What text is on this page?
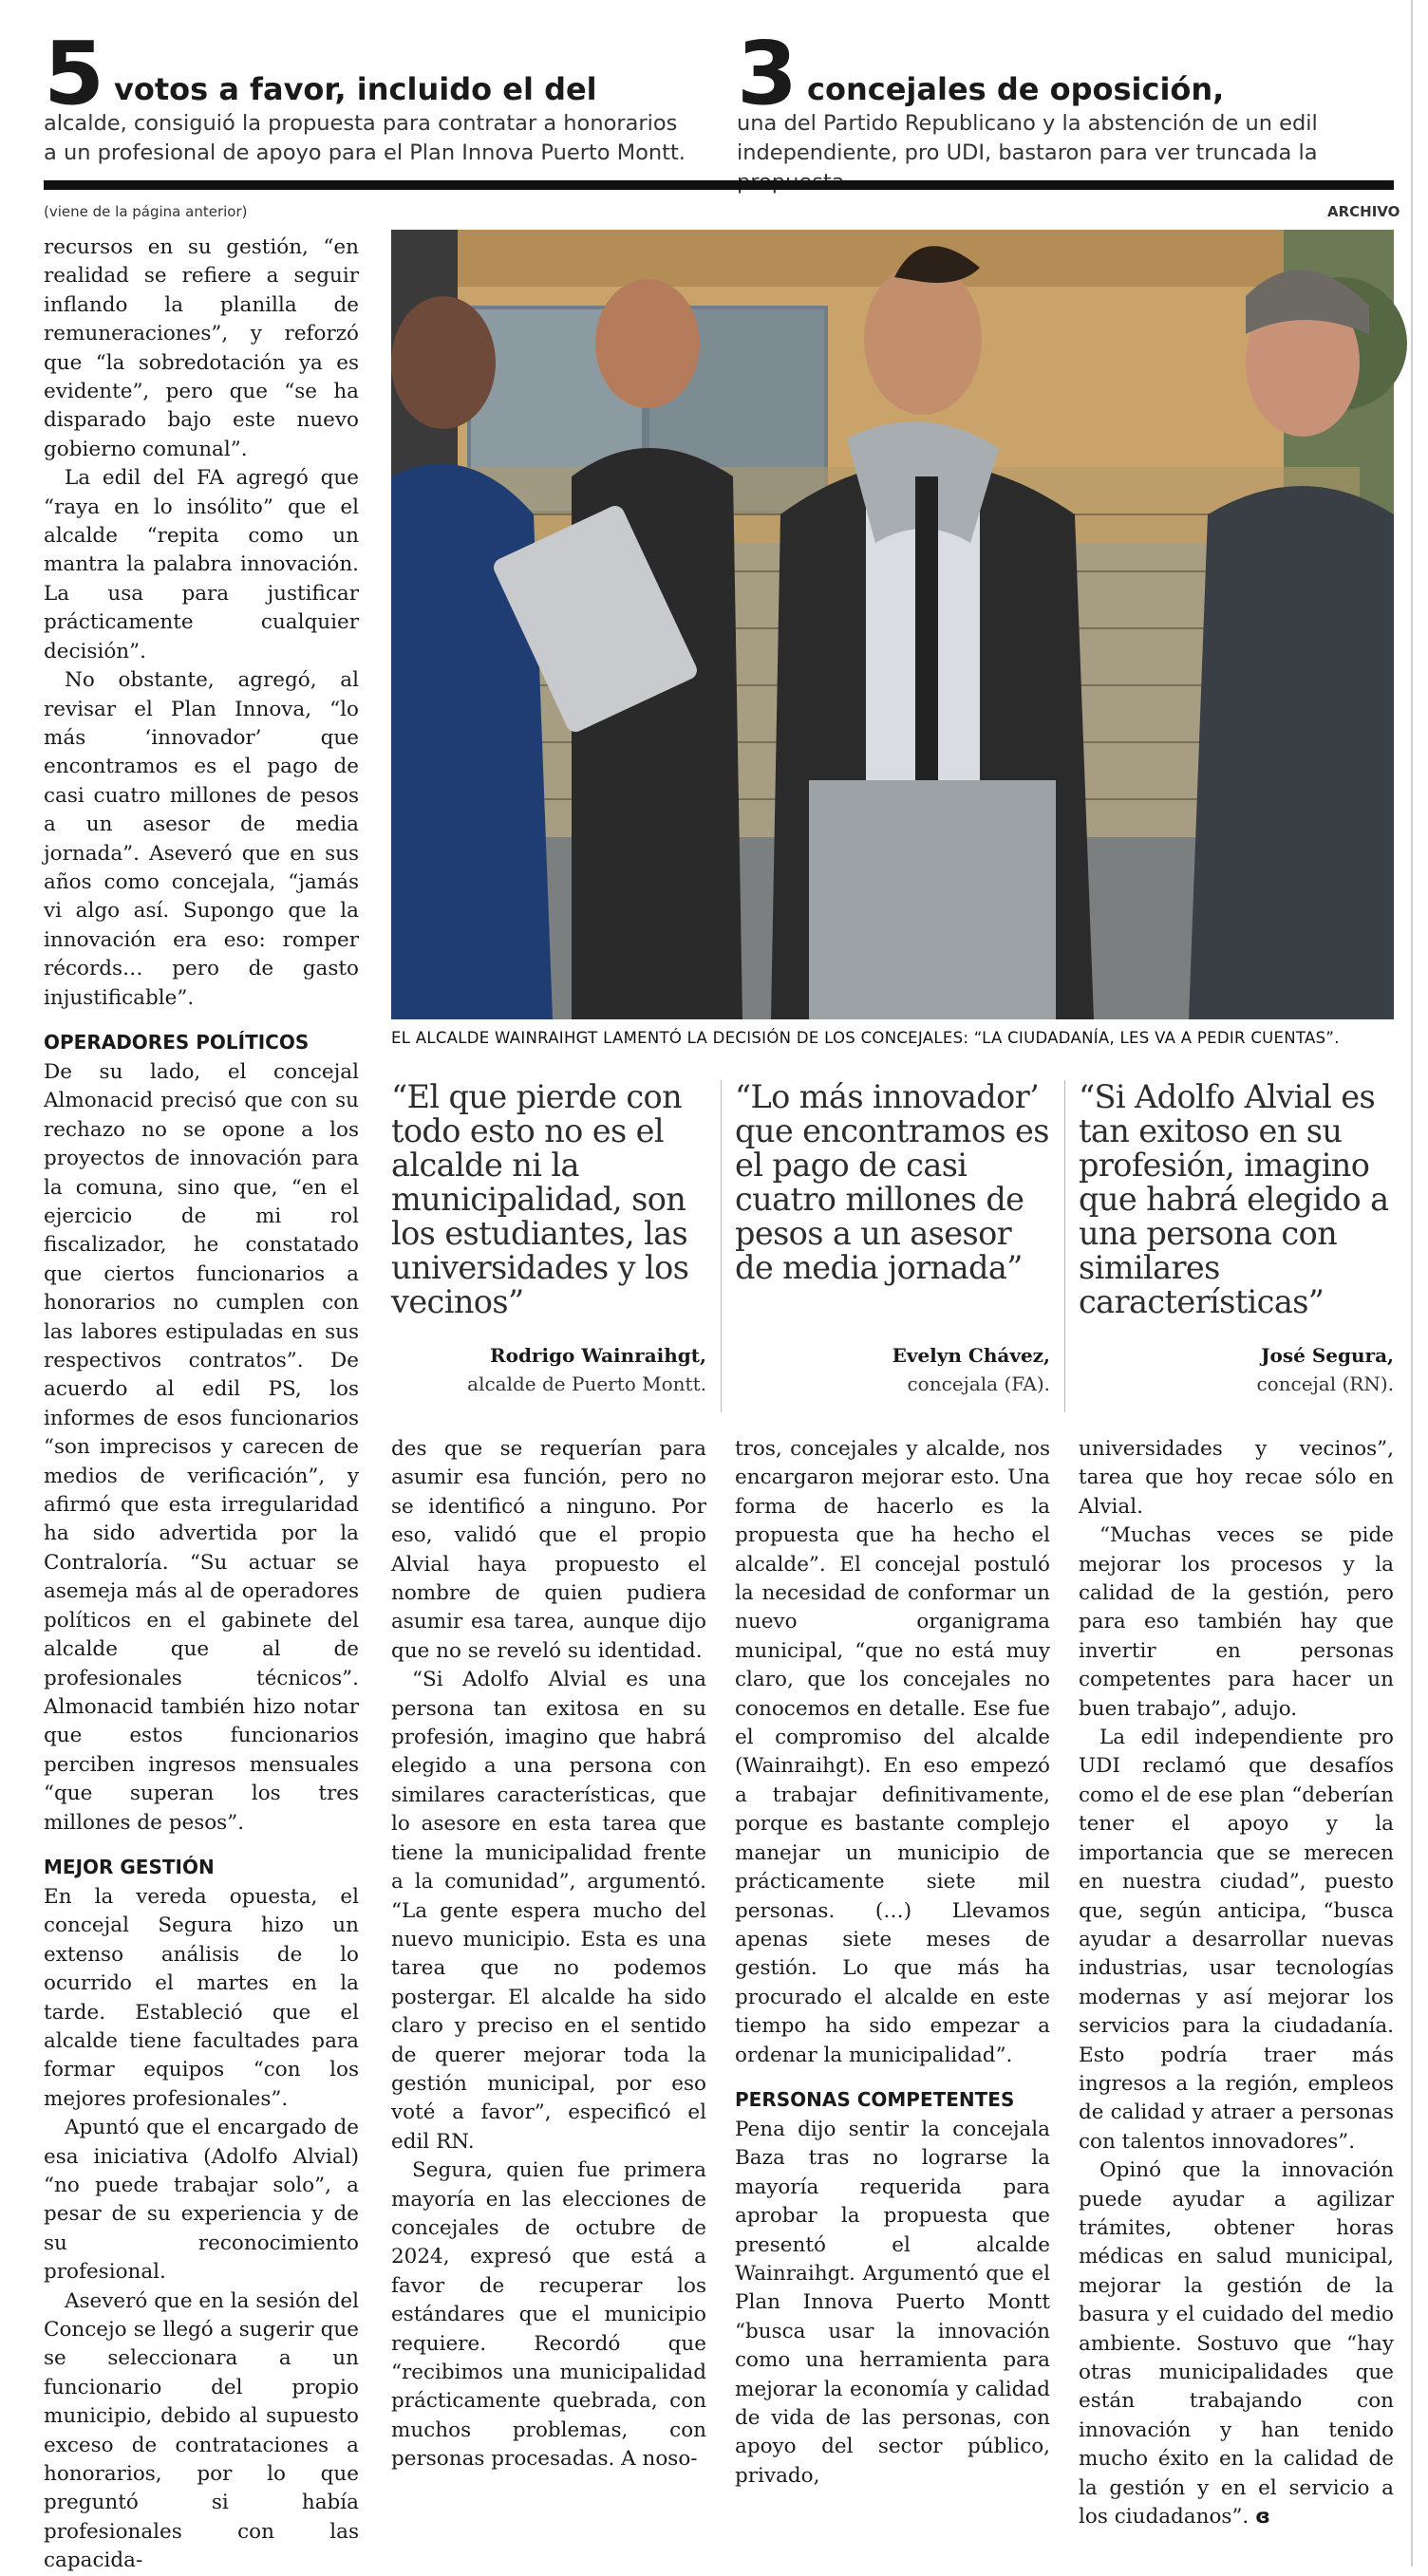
5 votos a favor, incluido el del
alcalde, consiguió la propuesta para contratar a honorarios a un profesional de apoyo para el Plan Innova Puerto Montt.
3 concejales de oposición,
una del Partido Republicano y la abstención de un edil independiente, pro UDI, bastaron para ver truncada la
(viene de la página anterior)	ARCHIVO
EL ALCALDE WAINRAIHGT LAMENTÓ LA DECISIÓN DE LOS CONCEJALES: “LA CIUDADANÍA, LES VA A PEDIR CUENTAS”.
“El que pierde con todo esto no es el alcalde ni la municipalidad, son los estudiantes, las universidades y los vecinos”
Rodrigo Wainraihgt,
alcalde de Puerto Montt.
“Lo más innovador’ que encontramos es el pago de casi cuatro millones de pesos a un asesor de media jornada”
Evelyn Chávez,
concejala (FA).
“Si Adolfo Alvial es tan exitoso en su profesión, imagino que habrá elegido a una persona con similares características”
José Segura,
concejal (RN).

recursos en su gestión, “en realidad se refiere a seguir inflando la planilla de remuneraciones”, y reforzó que “la sobredotación ya es evidente”, pero que “se ha disparado bajo este nuevo gobierno comunal”.

La edil del FA agregó que “raya en lo insólito” que el alcalde “repita como un mantra la palabra innovación. La usa para justificar prácticamente cualquier decisión”.

No obstante, agregó, al revisar el Plan Innova, “lo más ‘innovador’ que encontramos es el pago de casi cuatro millones de pesos a un asesor de media jornada”. Aseveró que en sus años como concejala, “jamás vi algo así. Supongo que la innovación era eso: romper récords… pero de gasto injustificable”.

OPERADORES POLÍTICOS

De su lado, el concejal Almonacid precisó que con su rechazo no se opone a los proyectos de innovación para la comuna, sino que, “en el ejercicio de mi rol fiscalizador, he constatado que ciertos funcionarios a honorarios no cumplen con las labores estipuladas en sus respectivos contratos”. De acuerdo al edil PS, los informes de esos funcionarios “son imprecisos y carecen de medios de verificación”, y afirmó que esta irregularidad ha sido advertida por la Contraloría. “Su actuar se asemeja más al de operadores políticos en el gabinete del alcalde que al de profesionales técnicos”. Almonacid también hizo notar que estos funcionarios perciben ingresos mensuales “que superan los tres millones de pesos”.

MEJOR GESTIÓN

En la vereda opuesta, el concejal Segura hizo un extenso análisis de lo ocurrido el martes en la tarde. Estableció que el alcalde tiene facultades para formar equipos “con los mejores profesionales”.

Apuntó que el encargado de esa iniciativa (Adolfo Alvial) “no puede trabajar solo”, a pesar de su experiencia y de su reconocimiento profesional.

Aseveró que en la sesión del Concejo se llegó a sugerir que se seleccionara a un funcionario del propio municipio, debido al supuesto exceso de contrataciones a honorarios, por lo que preguntó si había profesionales con las capacida-

des que se requerían para asumir esa función, pero no se identificó a ninguno. Por eso, validó que el propio Alvial haya propuesto el nombre de quien pudiera asumir esa tarea, aunque dijo que no se reveló su identidad.

“Si Adolfo Alvial es una persona tan exitosa en su profesión, imagino que habrá elegido a una persona con similares características, que lo asesore en esta tarea que tiene la municipalidad frente a la comunidad”, argumentó. “La gente espera mucho del nuevo municipio. Esta es una tarea que no podemos postergar. El alcalde ha sido claro y preciso en el sentido de querer mejorar toda la gestión municipal, por eso voté a favor”, especificó el edil RN.

Segura, quien fue primera mayoría en las elecciones de concejales de octubre de 2024, expresó que está a favor de recuperar los estándares que el municipio requiere. Recordó que “recibimos una municipalidad prácticamente quebrada, con muchos problemas, con personas procesadas. A noso-

tros, concejales y alcalde, nos encargaron mejorar esto. Una forma de hacerlo es la propuesta que ha hecho el alcalde”. El concejal postuló la necesidad de conformar un nuevo organigrama municipal, “que no está muy claro, que los concejales no conocemos en detalle. Ese fue el compromiso del alcalde (Wainraihgt). En eso empezó a trabajar definitivamente, porque es bastante complejo manejar un municipio de prácticamente siete mil personas. (…) Llevamos apenas siete meses de gestión. Lo que más ha procurado el alcalde en este tiempo ha sido empezar a ordenar la municipalidad”.

PERSONAS COMPETENTES

Pena dijo sentir la concejala Baza tras no lograrse la mayoría requerida para aprobar la propuesta que presentó el alcalde Wainraihgt. Argumentó que el Plan Innova Puerto Montt “busca usar la innovación como una herramienta para mejorar la economía y calidad de vida de las personas, con apoyo del sector público, privado,

universidades y vecinos”, tarea que hoy recae sólo en Alvial.

“Muchas veces se pide mejorar los procesos y la calidad de la gestión, pero para eso también hay que invertir en personas competentes para hacer un buen trabajo”, adujo.

La edil independiente pro UDI reclamó que desafíos como el de ese plan “deberían tener el apoyo y la importancia que se merecen en nuestra ciudad”, puesto que, según anticipa, “busca ayudar a desarrollar nuevas industrias, usar tecnologías modernas y así mejorar los servicios para la ciudadanía. Esto podría traer más ingresos a la región, empleos de calidad y atraer a personas con talentos innovadores”.

Opinó que la innovación puede ayudar a agilizar trámites, obtener horas médicas en salud municipal, mejorar la gestión de la basura y el cuidado del medio ambiente. Sostuvo que “hay otras municipalidades que están trabajando con innovación y han tenido mucho éxito en la calidad de la gestión y en el servicio a los ciudadanos”. ɞ
